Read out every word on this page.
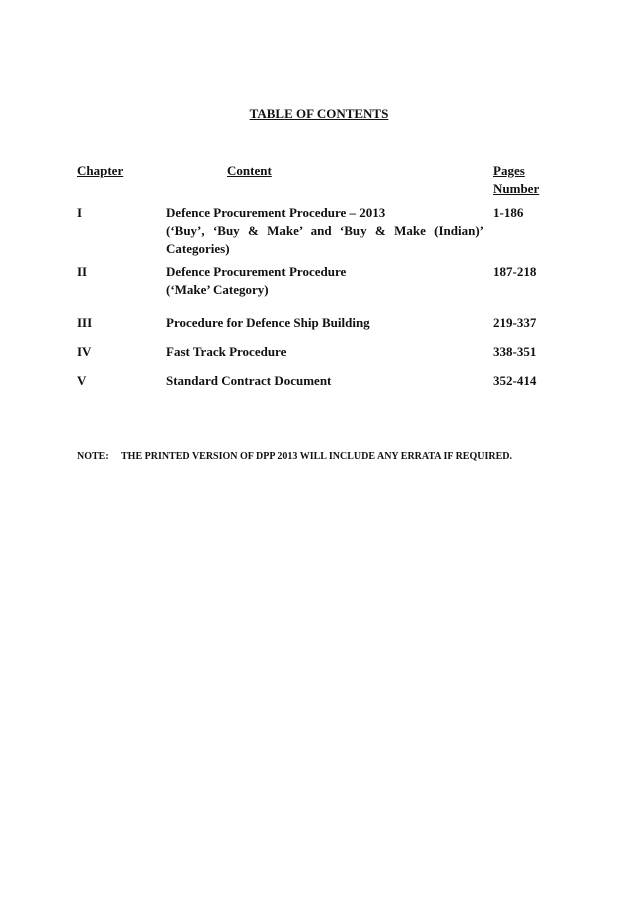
TABLE OF CONTENTS
Chapter	Content	Pages
Number
I	Defence Procurement Procedure – 2013
(‘Buy’, ‘Buy & Make’ and ‘Buy & Make (Indian)’
Categories)
1-186
II	Defence Procurement Procedure
(‘Make’ Category)
187-218
III	Procedure for Defence Ship Building	219-337
IV	Fast Track Procedure	338-351
V	Standard Contract Document	352-414
NOTE: THE PRINTED VERSION OF DPP 2013 WILL INCLUDE ANY ERRATA IF REQUIRED.
